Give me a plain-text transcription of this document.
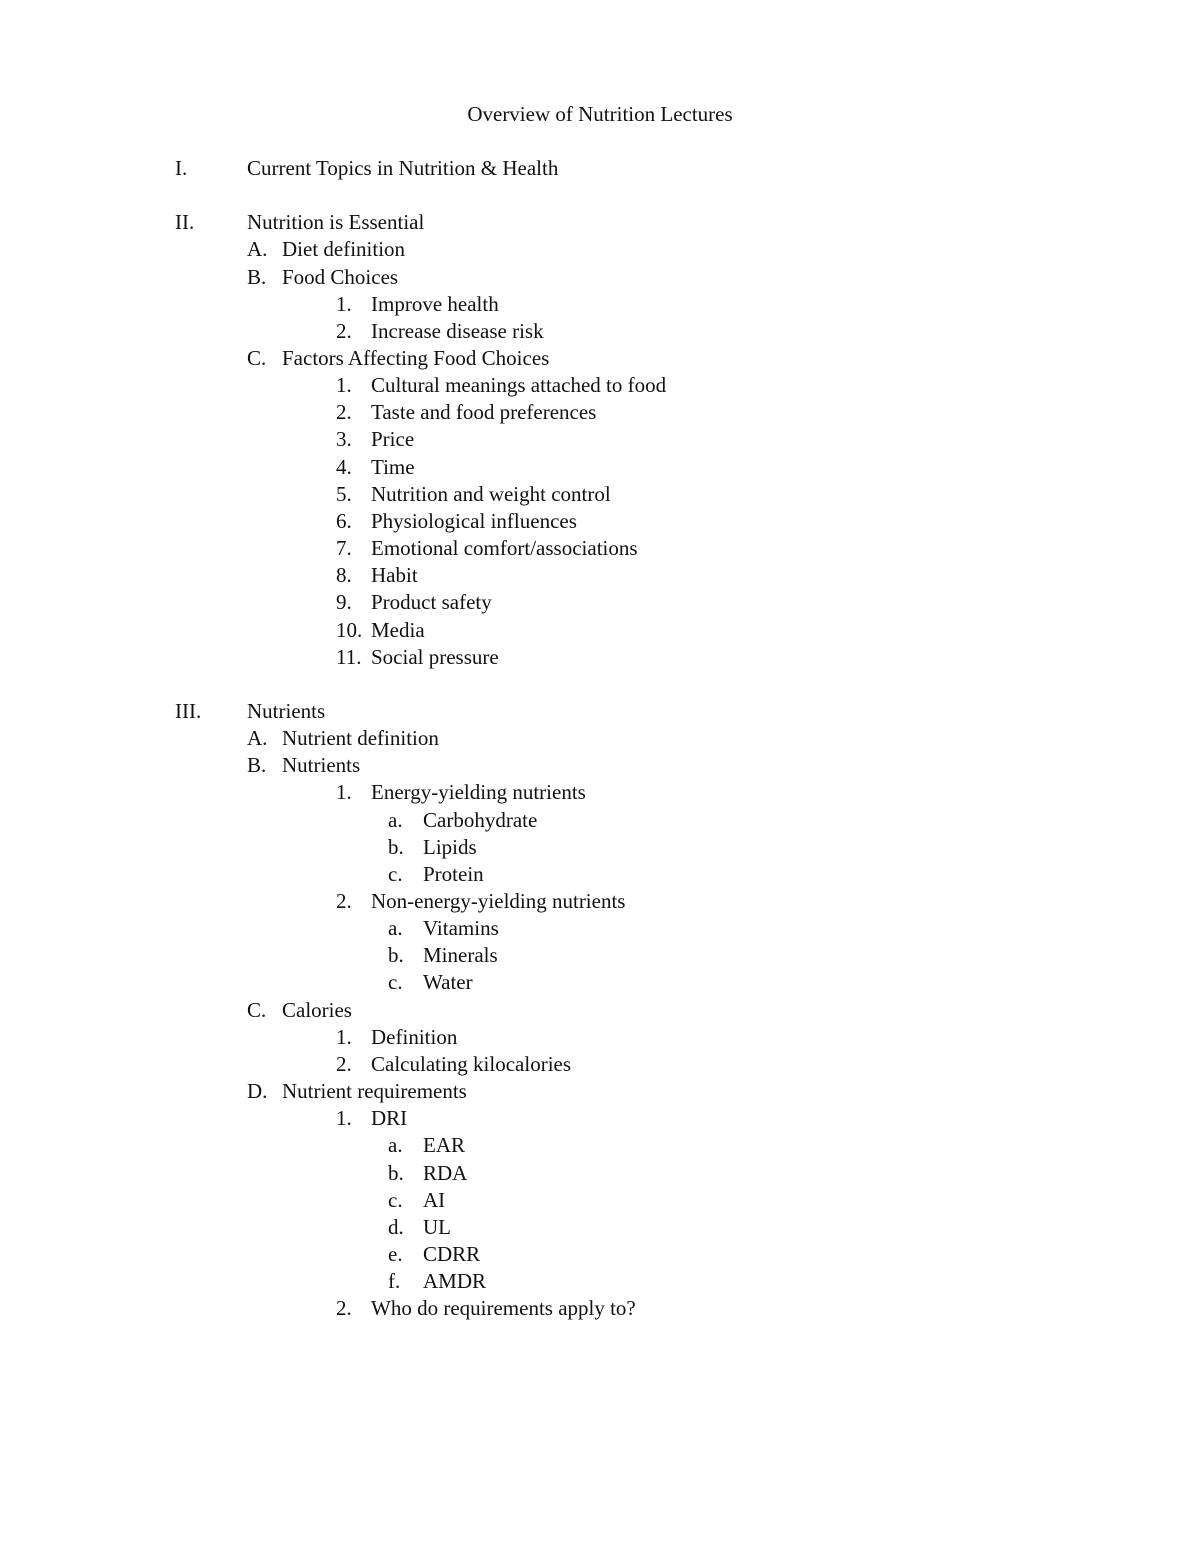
Overview of Nutrition Lectures
I.	Current Topics in Nutrition & Health
II.	Nutrition is Essential
A. Diet definition
B. Food Choices
1. Improve health
2. Increase disease risk
C. Factors Affecting Food Choices
1. Cultural meanings attached to food
2. Taste and food preferences
3. Price
4. Time
5. Nutrition and weight control
6. Physiological influences
7. Emotional comfort/associations
8. Habit
9. Product safety
10. Media
11. Social pressure
III. Nutrients
A. Nutrient definition
B. Nutrients
1. Energy-yielding nutrients
a. Carbohydrate
b. Lipids
c. Protein
2. Non-energy-yielding nutrients
a. Vitamins
b. Minerals
c. Water
C. Calories
1. Definition
2. Calculating kilocalories
D. Nutrient requirements
1. DRI
a. EAR
b. RDA
c. AI
d. UL
e. CDRR
f. AMDR
2. Who do requirements apply to?
